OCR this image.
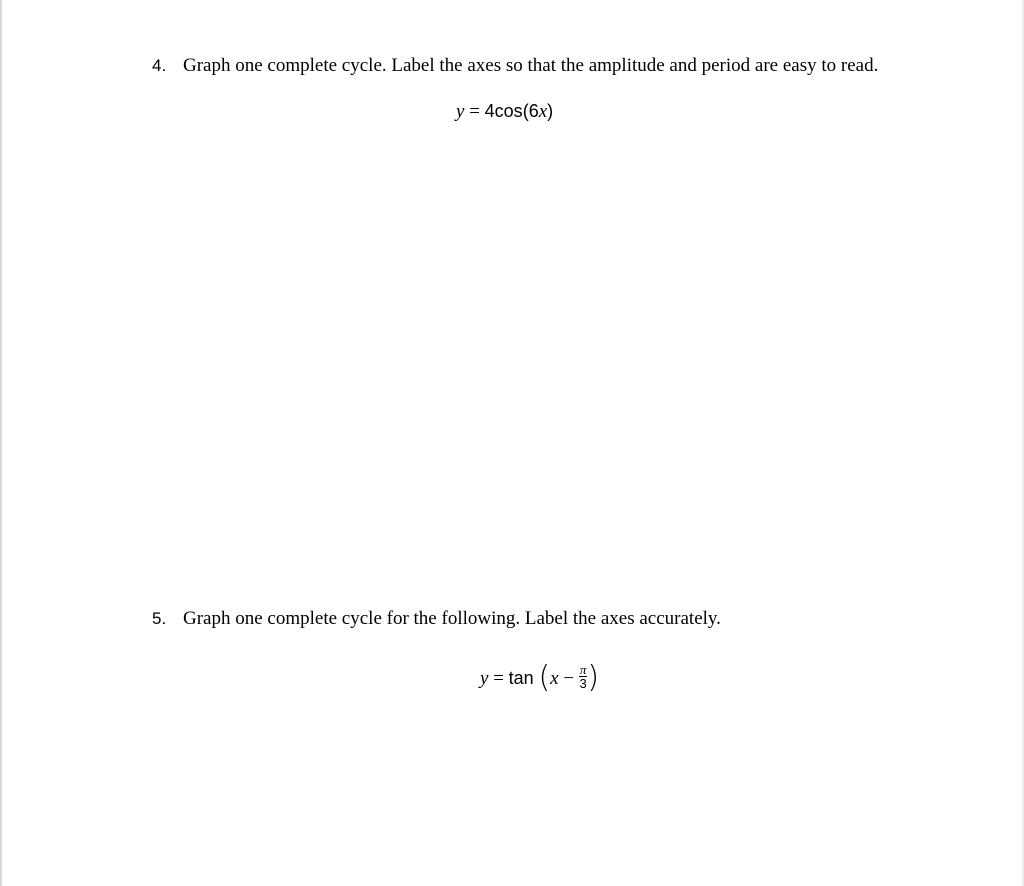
4. Graph one complete cycle. Label the axes so that the amplitude and period are easy to read.
y = 4cos(6x)
5. Graph one complete cycle for the following. Label the axes accurately.
$y = \tan (x - \frac{\pi}{3}$ )
